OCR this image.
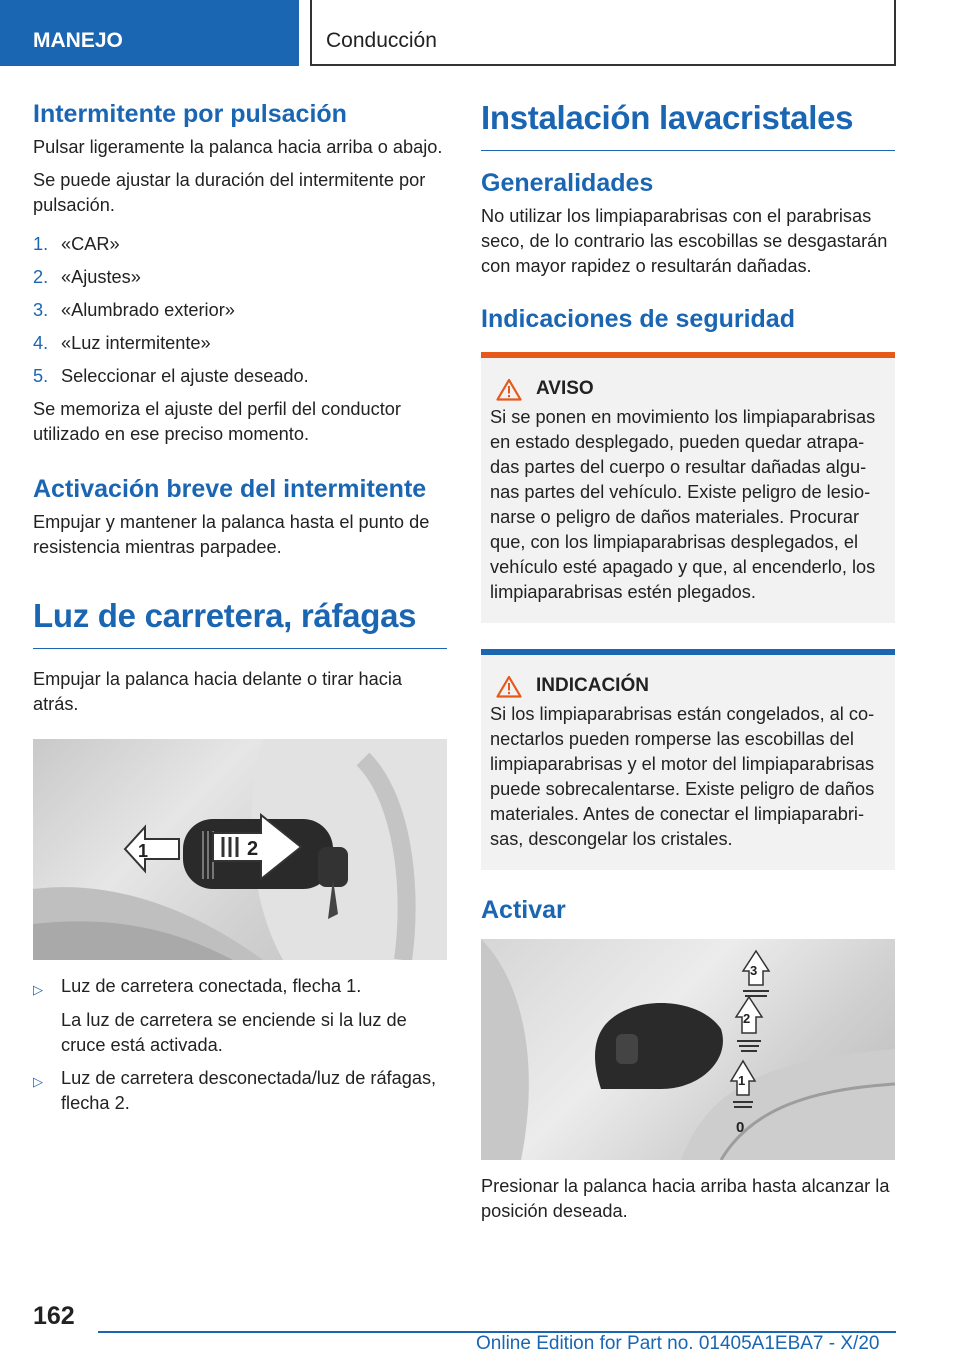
MANEJO	Conducción
Intermitente por pulsación

Pulsar ligeramente la palanca hacia arriba o abajo.

Se puede ajustar la duración del intermitente por pulsación.

1. «CAR»
2. «Ajustes»
3. «Alumbrado exterior»
4. «Luz intermitente»
5. Seleccionar el ajuste deseado.

Se memoriza el ajuste del perfil del conductor utilizado en ese preciso momento.

Activación breve del intermitente

Empujar y mantener la palanca hasta el punto de resistencia mientras parpadee.

Luz de carretera, ráfagas

Empujar la palanca hacia delante o tirar hacia atrás.

1	2
▷ Luz de carretera conectada, flecha 1.
La luz de carretera se enciende si la luz de cruce está activada.
▷ Luz de carretera desconectada/luz de ráfagas, flecha 2.
Instalación lavacristales
Generalidades

No utilizar los limpiaparabrisas con el parabrisas seco, de lo contrario las escobillas se desgastarán con mayor rapidez o resultarán dañadas.

Indicaciones de seguridad
AVISO

Si se ponen en movimiento los limpiaparabrisas en estado desplegado, pueden quedar atrapadas partes del cuerpo o resultar dañadas algunas partes del vehículo. Existe peligro de lesionarse o peligro de daños materiales. Procurar que, con los limpiaparabrisas desplegados, el vehículo esté apagado y que, al encenderlo, los limpiaparabrisas estén plegados.

INDICACIÓN

Si los limpiaparabrisas están congelados, al conectarlos pueden romperse las escobillas del limpiaparabrisas y el motor del limpiaparabrisas puede sobrecalentarse. Existe peligro de daños materiales. Antes de conectar el limpiaparabrisas, descongelar los cristales.

Activar
3
2
1
0

Presionar la palanca hacia arriba hasta alcanzar la posición deseada.

162
Online Edition for Part no. 01405A1EBA7 - X/20
